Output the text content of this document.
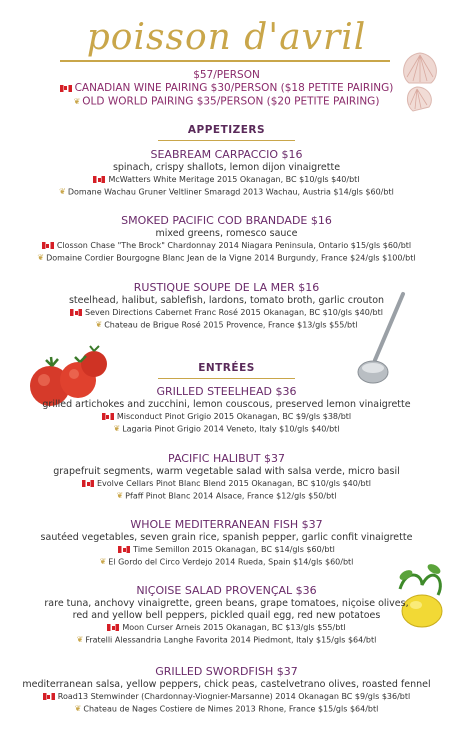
poisson d'avril
$57/PERSON
CANADIAN WINE PAIRING $30/PERSON ($18 PETITE PAIRING)
❦ OLD WORLD PAIRING $35/PERSON ($20 PETITE PAIRING)
APPETIZERS
SEABREAM CARPACCIO $16
spinach, crispy shallots, lemon dijon vinaigrette
McWatters White Meritage 2015 Okanagan, BC $10/gls $40/btl
❦ Domane Wachau Gruner Veltliner Smaragd 2013 Wachau, Austria $14/gls $60/btl
SMOKED PACIFIC COD BRANDADE $16
mixed greens, romesco sauce
Closson Chase "The Brock" Chardonnay 2014 Niagara Peninsula, Ontario $15/gls $60/btl
❦ Domaine Cordier Bourgogne Blanc Jean de la Vigne 2014 Burgundy, France $24/gls $100/btl
RUSTIQUE SOUPE DE LA MER $16
steelhead, halibut, sablefish, lardons, tomato broth, garlic crouton
Seven Directions Cabernet Franc Rosé 2015 Okanagan, BC $10/gls $40/btl
❦ Chateau de Brigue Rosé 2015 Provence, France $13/gls $55/btl
ENTRÉES
GRILLED STEELHEAD $36
grilled artichokes and zucchini, lemon couscous, preserved lemon vinaigrette
Misconduct Pinot Grigio 2015 Okanagan, BC $9/gls $38/btl
❦ Lagaria Pinot Grigio 2014 Veneto, Italy $10/gls $40/btl
PACIFIC HALIBUT $37
grapefruit segments, warm vegetable salad with salsa verde, micro basil
Evolve Cellars Pinot Blanc Blend 2015 Okanagan, BC $10/gls $40/btl
❦ Pfaff Pinot Blanc 2014 Alsace, France $12/gls $50/btl
WHOLE MEDITERRANEAN FISH $37
sautéed vegetables, seven grain rice, spanish pepper, garlic confit vinaigrette
Time Semillon 2015 Okanagan, BC $14/gls $60/btl
❦ El Gordo del Circo Verdejo 2014 Rueda, Spain $14/gls $60/btl
NIÇOISE SALAD PROVENÇAL $36
rare tuna, anchovy vinaigrette, green beans, grape tomatoes, niçoise olives,
red and yellow bell peppers, pickled quail egg, red new potatoes
Moon Curser Arneis 2015 Okanagan, BC $13/gls $55/btl
❦ Fratelli Alessandria Langhe Favorita 2014 Piedmont, Italy $15/gls $64/btl
GRILLED SWORDFISH $37
mediterranean salsa, yellow peppers, chick peas, castelvetrano olives, roasted fennel
Road13 Stemwinder (Chardonnay-Viognier-Marsanne) 2014 Okanagan BC $9/gls $36/btl
❦ Chateau de Nages Costiere de Nimes 2013 Rhone, France $15/gls $64/btl
